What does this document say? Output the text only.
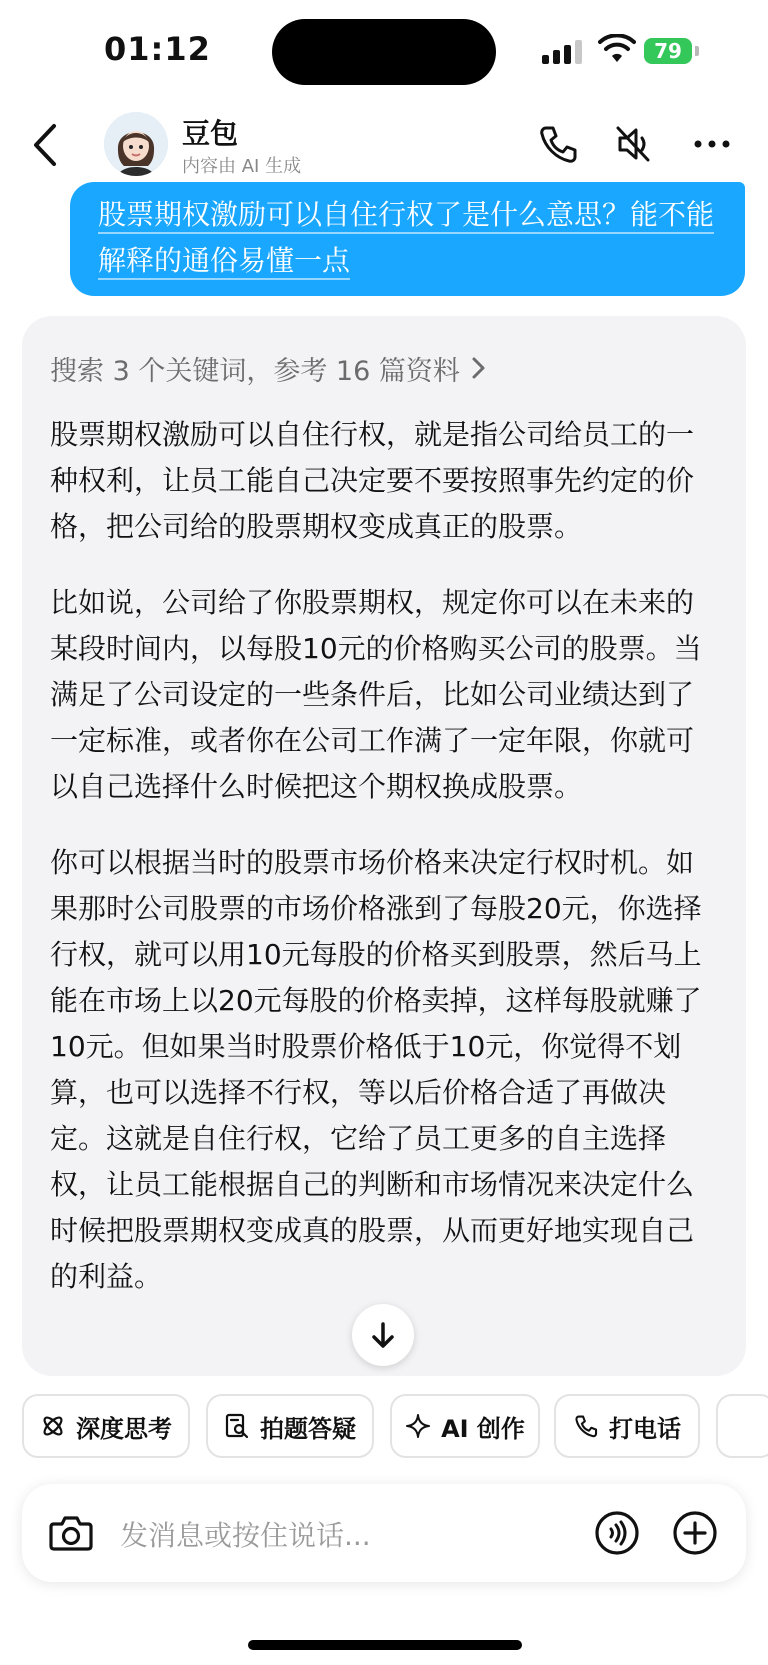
01:12	79
豆包
内容由 AI 生成
股票期权激励可以自住行权了是什么意思？能不能解释的通俗易懂一点
搜索 3 个关键词，参考 16 篇资料

股票期权激励可以自住行权，就是指公司给员工的一种权利，让员工能自己决定要不要按照事先约定的价格，把公司给的股票期权变成真正的股票。

比如说，公司给了你股票期权，规定你可以在未来的某段时间内，以每股10元的价格购买公司的股票。当满足了公司设定的一些条件后，比如公司业绩达到了一定标准，或者你在公司工作满了一定年限，你就可以自己选择什么时候把这个期权换成股票。

你可以根据当时的股票市场价格来决定行权时机。如果那时公司股票的市场价格涨到了每股20元，你选择行权，就可以用10元每股的价格买到股票，然后马上能在市场上以20元每股的价格卖掉，这样每股就赚了10元。但如果当时股票价格低于10元，你觉得不划算，也可以选择不行权，等以后价格合适了再做决定。这就是自住行权，它给了员工更多的自主选择权，让员工能根据自己的判断和市场情况来决定什么时候把股票期权变成真的股票，从而更好地实现自己的利益。

深度思考	拍题答疑	AI 创作	打电话
发消息或按住说话...
